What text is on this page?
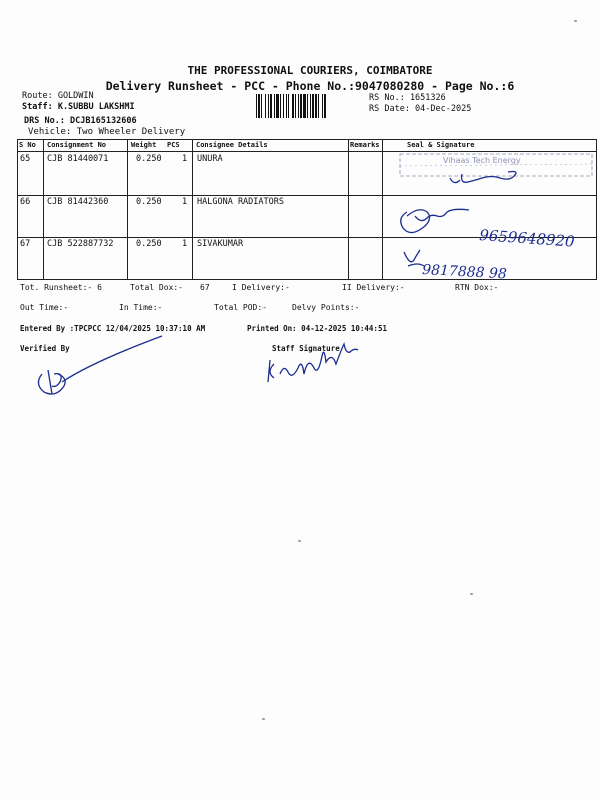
THE PROFESSIONAL COURIERS, COIMBATORE
Delivery Runsheet - PCC - Phone No.:9047080280 - Page No.:6
Route: GOLDWIN
Staff: K.SUBBU LAKSHMI
DRS No.: DCJB165132606
Vehicle: Two Wheeler Delivery
RS No.: 1651326
RS Date: 04-Dec-2025
S No Consignment No	Weight PCS Consignee Details	Remarks	Seal & Signature
65 CJB 81440071	0.250 1 UNURA
66 CJB 81442360	0.250 1 HALGONA RADIATORS
67 CJB 522887732	0.250 1 SIVAKUMAR
Vihaas Tech Energy
9659648920
9817888 98
Tot. Runsheet:- 6	Total Dox:- 67	I Delivery:-	II Delivery:-	RTN Dox:-
Out Time:-	In Time:-	Total POD:-	Delvy Points:-
Entered By :TPCPCC 12/04/2025 10:37:10 AM	Printed On: 04-12-2025 10:44:51
Verified By	Staff Signature
